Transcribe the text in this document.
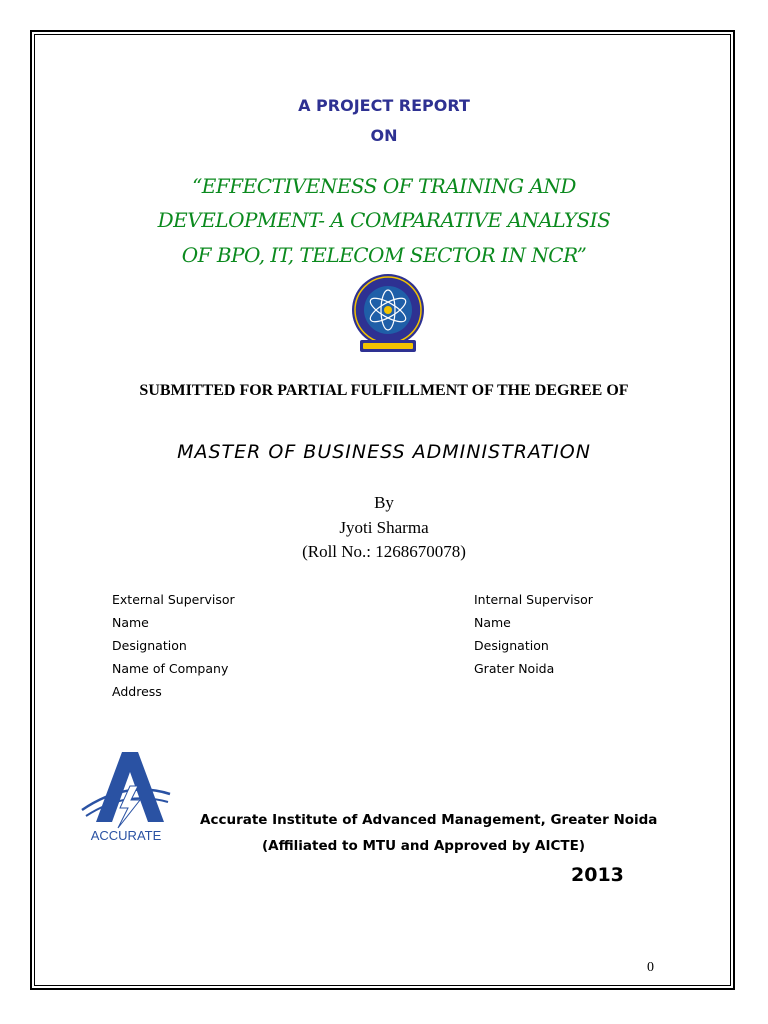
A PROJECT REPORT
ON
“EFFECTIVENESS OF TRAINING AND
DEVELOPMENT- A COMPARATIVE ANALYSIS
OF BPO, IT, TELECOM SECTOR IN NCR”
SUBMITTED FOR PARTIAL FULFILLMENT OF THE DEGREE OF
MASTER OF BUSINESS ADMINISTRATION
By
Jyoti Sharma
(Roll No.: 1268670078)
External Supervisor
Name
Designation
Name of Company
Address
Internal Supervisor
Name
Designation
Grater Noida
ACCURATE
Accurate Institute of Advanced Management, Greater Noida
(Affiliated to MTU and Approved by AICTE)
2013
0
